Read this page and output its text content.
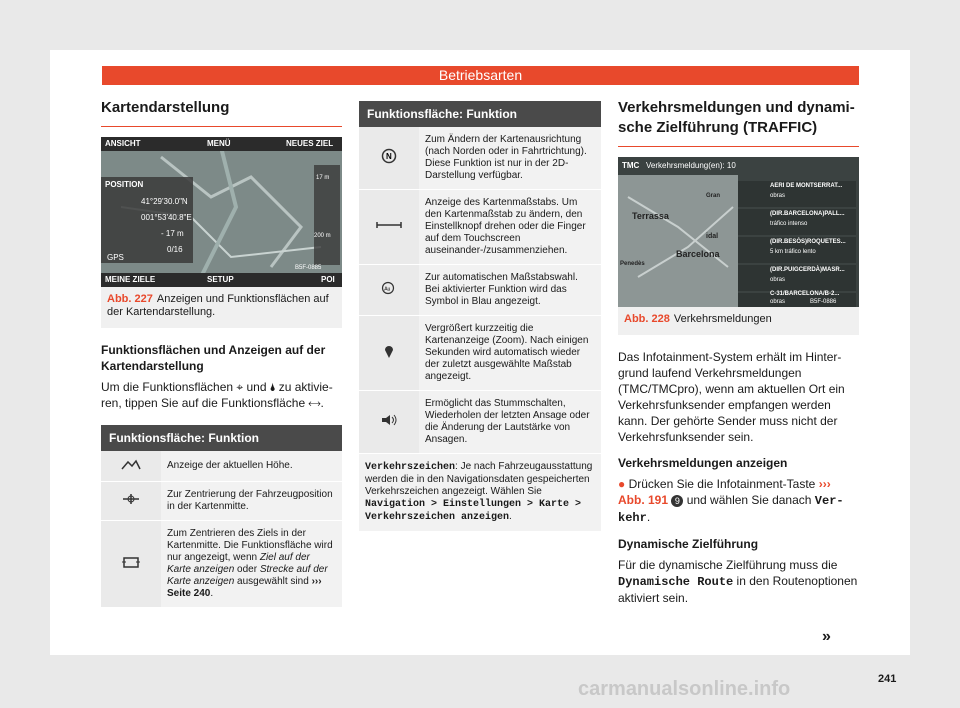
Betriebsarten
Kartendarstellung
ANSICHT	MENÜ	NEUES ZIEL
MEINE ZIELE	SETUP	POI
POSITION
41°29'30.0"N
001°53'40.8"E
- 17 m
0/16
GPS
B5F-0885
17 m
200 m
Abb. 227 Anzeigen und Funktionsflächen auf der Kartendarstellung.
Funktionsflächen und Anzeigen auf der Kartendarstellung
Um die Funktionsflächen ⌖ und 🌢 zu aktivieren, tippen Sie auf die Funktionsfläche ⟷.
Funktionsfläche: Funktion	
	Anzeige der aktuellen Höhe.
	Zur Zentrierung der Fahrzeugposition in der Kartenmitte.
	Zum Zentrieren des Ziels in der Kartenmitte. Die Funktionsfläche wird nur angezeigt, wenn Ziel auf der Karte anzeigen oder Strecke auf der Karte anzeigen ausgewählt sind ››› Seite 240.
Funktionsfläche: Funktion	

N	Zum Ändern der Kartenausrichtung (nach Norden oder in Fahrtrichtung). Diese Funktion ist nur in der 2D-Darstellung verfügbar.
	Anzeige des Kartenmaßstabs. Um den Kartenmaßstab zu ändern, den Einstellknopf drehen oder die Finger auf dem Touchscreen auseinander-/zusammenziehen.

Au	Zur automatischen Maßstabswahl. Bei aktivierter Funktion wird das Symbol in Blau angezeigt.
	Vergrößert kurzzeitig die Kartenanzeige (Zoom). Nach einigen Sekunden wird automatisch wieder der zuletzt ausgewählte Maßstab angezeigt.
	Ermöglicht das Stummschalten, Wiederholen der letzten Ansage oder die Änderung der Lautstärke von Ansagen.
Verkehrszeichen: Je nach Fahrzeugausstattung werden die in den Navigationsdaten gespeicherten Verkehrszeichen angezeigt. Wählen Sie Navigation > Einstellungen > Karte > Verkehrszeichen anzeigen.	
Verkehrsmeldungen und dynamische Zielführung (TRAFFIC)
TMC Verkehrsmeldung(en): 10
AERI DE MONTSERRAT...
obras
(DIR.BARCELONA)PALL...
tráfico intenso
(DIR.BESÒS)ROQUETES...
5 km tráfico lento
(DIR.PUIGCERDÀ)MASR...
obras
C-31/BARCELONA/B-2...
obras
Terrassa
Barcelona
Penedès
Gran
idal
B5F-0886
Abb. 228 Verkehrsmeldungen
Das Infotainment-System erhält im Hintergrund laufend Verkehrsmeldungen (TMC/TMCpro), wenn am aktuellen Ort ein Verkehrsfunksender empfangen werden kann. Der gehörte Sender muss nicht der Verkehrsfunksender sein.
Verkehrsmeldungen anzeigen
● Drücken Sie die Infotainment-Taste ››› Abb. 191 9 und wählen Sie danach Verkehr.
Dynamische Zielführung
Für die dynamische Zielführung muss die Dynamische Route in den Routenoptionen aktiviert sein.
»
241
carmanualsonline.info
